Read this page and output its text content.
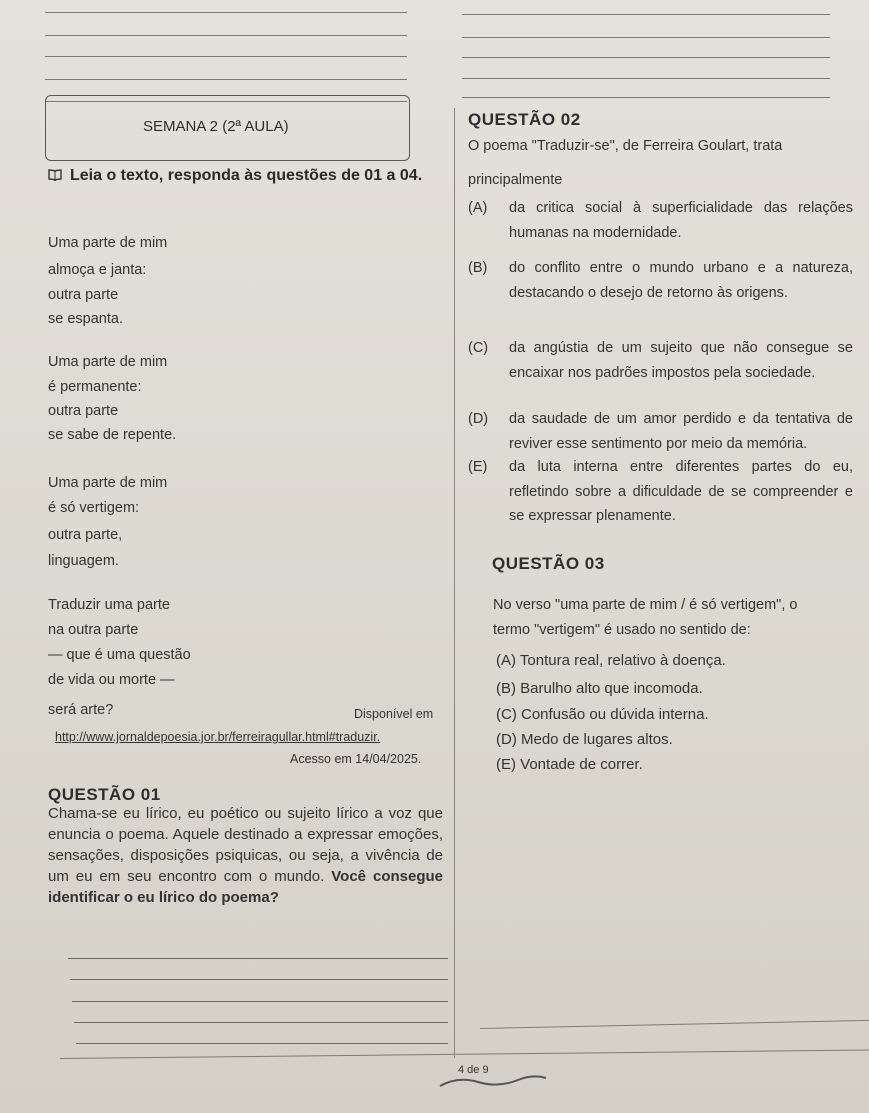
SEMANA 2 (2ª AULA)
Leia o texto, responda às questões de 01 a 04.
Uma parte de mim
almoça e janta:
outra parte
se espanta.
Uma parte de mim
é permanente:
outra parte
se sabe de repente.
Uma parte de mim
é só vertigem:
outra parte,
linguagem.
Traduzir uma parte
na outra parte
— que é uma questão
de vida ou morte —
será arte?	Disponível em
http://www.jornaldepoesia.jor.br/ferreiragullar.html#traduzir.
Acesso em 14/04/2025.
QUESTÃO 01
Chama-se eu lírico, eu poético ou sujeito lírico a voz que enuncia o poema. Aquele destinado a expressar emoções, sensações, disposições psiquicas, ou seja, a vivência de um eu em seu encontro com o mundo. Você consegue identificar o eu lírico do poema?
QUESTÃO 02
O poema "Traduzir-se", de Ferreira Goulart, trata
principalmente
(A) da critica social à superficialidade das relações humanas na modernidade.
(B) do conflito entre o mundo urbano e a natureza, destacando o desejo de retorno às origens.
(C) da angústia de um sujeito que não consegue se encaixar nos padrões impostos pela sociedade.
(D) da saudade de um amor perdido e da tentativa de reviver esse sentimento por meio da memória.
(E) da luta interna entre diferentes partes do eu, refletindo sobre a dificuldade de se compreender e se expressar plenamente.
QUESTÃO 03
No verso "uma parte de mim / é só vertigem", o
termo "vertigem" é usado no sentido de:
(A) Tontura real, relativo à doença.
(B) Barulho alto que incomoda.
(C) Confusão ou dúvida interna.
(D) Medo de lugares altos.
(E) Vontade de correr.
4 de 9
